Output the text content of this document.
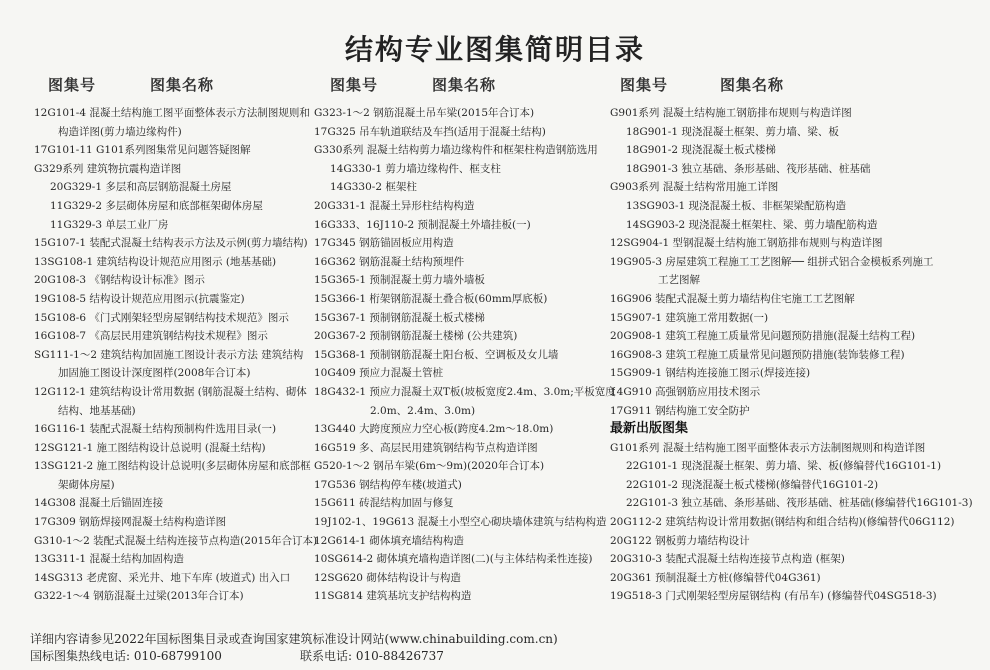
结构专业图集简明目录
图集号	图集名称	图集号	图集名称	图集号	图集名称
12G101-4 混凝土结构施工图平面整体表示方法制图规则和
构造详图(剪力墙边缘构件)
17G101-11 G101系列图集常见问题答疑图解
G329系列 建筑物抗震构造详图
20G329-1 多层和高层钢筋混凝土房屋
11G329-2 多层砌体房屋和底部框架砌体房屋
11G329-3 单层工业厂房
15G107-1 装配式混凝土结构表示方法及示例(剪力墙结构)
13SG108-1 建筑结构设计规范应用图示 (地基基础)
20G108-3 《钢结构设计标准》图示
19G108-5 结构设计规范应用图示(抗震鉴定)
15G108-6 《门式刚架轻型房屋钢结构技术规范》图示
16G108-7 《高层民用建筑钢结构技术规程》图示
SG111-1～2 建筑结构加固施工图设计表示方法 建筑结构
加固施工图设计深度图样(2008年合订本)
12G112-1 建筑结构设计常用数据 (钢筋混凝土结构、砌体
结构、地基基础)
16G116-1 装配式混凝土结构预制构件选用目录(一)
12SG121-1 施工图结构设计总说明 (混凝土结构)
13SG121-2 施工图结构设计总说明(多层砌体房屋和底部框
架砌体房屋)
14G308 混凝土后锚固连接
17G309 钢筋焊接网混凝土结构构造详图
G310-1～2 装配式混凝土结构连接节点构造(2015年合订本)
13G311-1 混凝土结构加固构造
14SG313 老虎窗、采光井、地下车库 (坡道式) 出入口
G322-1～4 钢筋混凝土过梁(2013年合订本)
G323-1～2 钢筋混凝土吊车梁(2015年合订本)
17G325 吊车轨道联结及车挡(适用于混凝土结构)
G330系列 混凝土结构剪力墙边缘构件和框架柱构造钢筋选用
14G330-1 剪力墙边缘构件、框支柱
14G330-2 框架柱
20G331-1 混凝土异形柱结构构造
16G333、16J110-2 预制混凝土外墙挂板(一)
17G345 钢筋锚固板应用构造
16G362 钢筋混凝土结构预埋件
15G365-1 预制混凝土剪力墙外墙板
15G366-1 桁架钢筋混凝土叠合板(60mm厚底板)
15G367-1 预制钢筋混凝土板式楼梯
20G367-2 预制钢筋混凝土楼梯 (公共建筑)
15G368-1 预制钢筋混凝土阳台板、空调板及女儿墙
10G409 预应力混凝土管桩
18G432-1 预应力混凝土双T板(坡板宽度2.4m、3.0m;平板宽度
2.0m、2.4m、3.0m)
13G440 大跨度预应力空心板(跨度4.2m～18.0m)
16G519 多、高层民用建筑钢结构节点构造详图
G520-1～2 钢吊车梁(6m～9m)(2020年合订本)
17G536 钢结构停车楼(坡道式)
15G611 砖混结构加固与修复
19J102-1、19G613 混凝土小型空心砌块墙体建筑与结构构造
12G614-1 砌体填充墙结构构造
10SG614-2 砌体填充墙构造详图(二)(与主体结构柔性连接)
12SG620 砌体结构设计与构造
11SG814 建筑基坑支护结构构造
G901系列 混凝土结构施工钢筋排布规则与构造详图
18G901-1 现浇混凝土框架、剪力墙、梁、板
18G901-2 现浇混凝土板式楼梯
18G901-3 独立基础、条形基础、筏形基础、桩基础
G903系列 混凝土结构常用施工详图
13SG903-1 现浇混凝土板、非框架梁配筋构造
14SG903-2 现浇混凝土框架柱、梁、剪力墙配筋构造
12SG904-1 型钢混凝土结构施工钢筋排布规则与构造详图
19G905-3 房屋建筑工程施工工艺图解── 组拼式铝合金模板系列施工
工艺图解
16G906 装配式混凝土剪力墙结构住宅施工工艺图解
15G907-1 建筑施工常用数据(一)
20G908-1 建筑工程施工质量常见问题预防措施(混凝土结构工程)
16G908-3 建筑工程施工质量常见问题预防措施(装饰装修工程)
15G909-1 钢结构连接施工图示(焊接连接)
14G910 高强钢筋应用技术图示
17G911 钢结构施工安全防护
最新出版图集
G101系列 混凝土结构施工图平面整体表示方法制图规则和构造详图
22G101-1 现浇混凝土框架、剪力墙、梁、板(修编替代16G101-1)
22G101-2 现浇混凝土板式楼梯(修编替代16G101-2)
22G101-3 独立基础、条形基础、筏形基础、桩基础(修编替代16G101-3)
20G112-2 建筑结构设计常用数据(钢结构和组合结构)(修编替代06G112)
20G122 钢板剪力墙结构设计
20G310-3 装配式混凝土结构连接节点构造 (框架)
20G361 预制混凝土方桩(修编替代04G361)
19G518-3 门式刚架轻型房屋钢结构 (有吊车) (修编替代04SG518-3)
详细内容请参见2022年国标图集目录或查询国家建筑标准设计网站(www.chinabuilding.com.cn)
国标图集热线电话: 010-68799100	联系电话: 010-88426737
